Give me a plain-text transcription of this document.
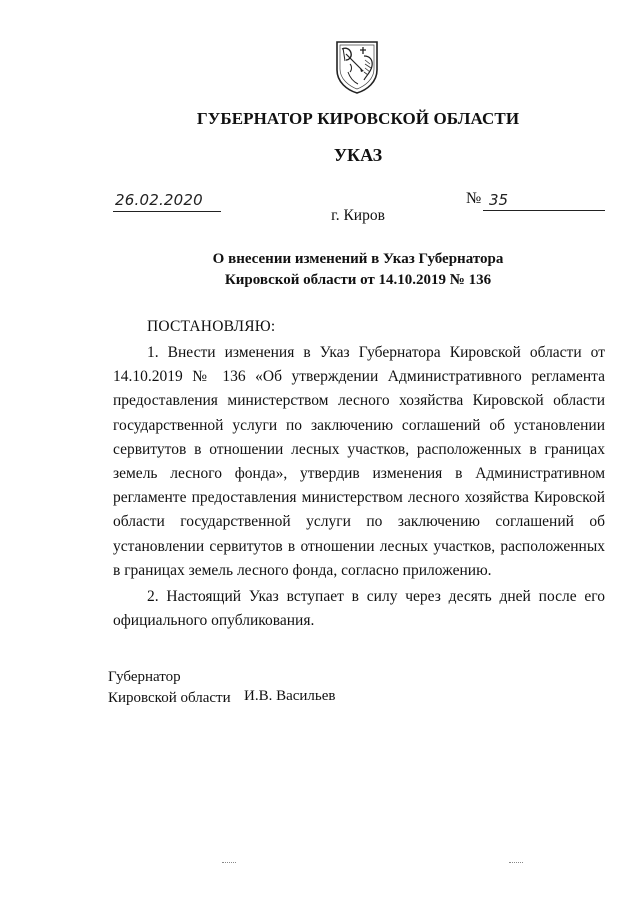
ГУБЕРНАТОР КИРОВСКОЙ ОБЛАСТИ
УКАЗ
26.02.2020	№ 35
г. Киров
О внесении изменений в Указ Губернатора
Кировской области от 14.10.2019 № 136
ПОСТАНОВЛЯЮ:
1. Внести изменения в Указ Губернатора Кировской области от 14.10.2019 № 136 «Об утверждении Административного регламента предоставления министерством лесного хозяйства Кировской области государственной услуги по заключению соглашений об установлении сервитутов в отношении лесных участков, расположенных в границах земель лесного фонда», утвердив изменения в Административном регламенте предоставления министерством лесного хозяйства Кировской области государственной услуги по заключению соглашений об установлении сервитутов в отношении лесных участков, расположенных в границах земель лесного фонда, согласно приложению.
2. Настоящий Указ вступает в силу через десять дней после его официального опубликования.
Губернатор
Кировской области И.В. Васильев
